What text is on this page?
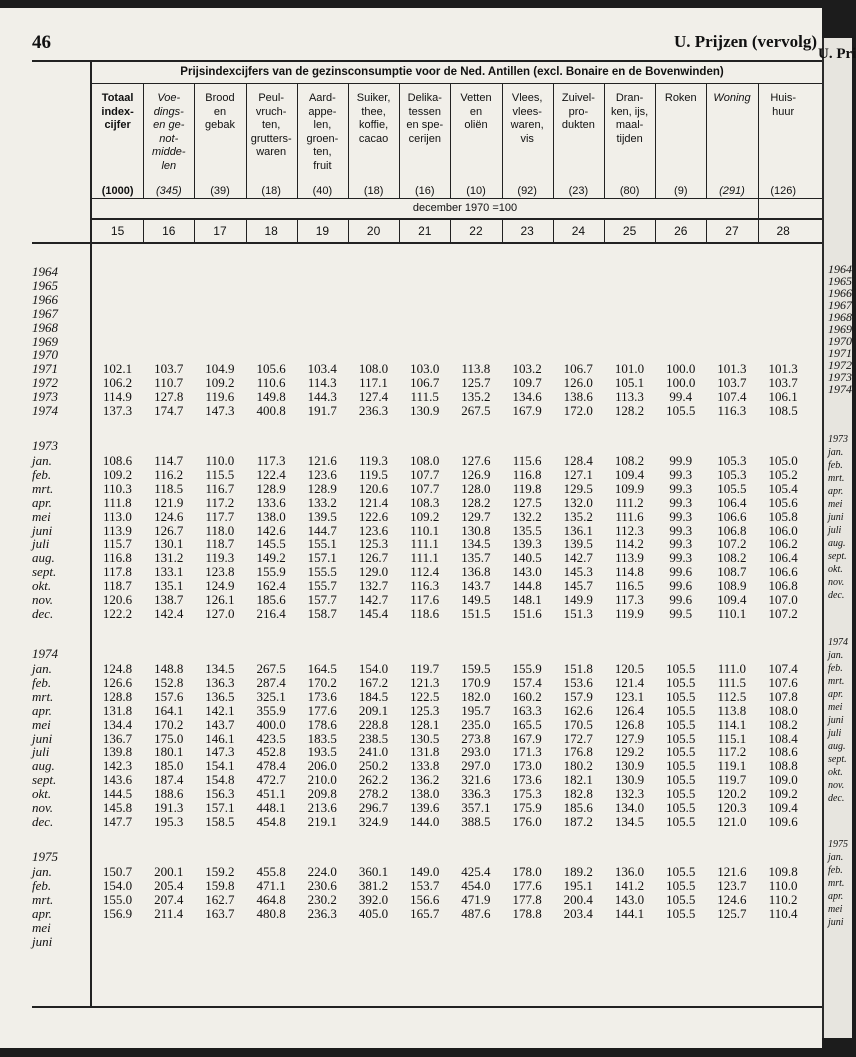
46	U. Prijzen (vervolg)
Prijsindexcijfers van de gezinsconsumptie voor de Ned. Antillen (excl. Bonaire en de Bovenwinden)
Totaal
index-
cijfer
(1000)
15
Voe-
dings-
en ge-
not-
midde-
len
(345)
16
Brood
en
gebak
(39)
17
Peul-
vruch-
ten,
grutters-
waren
(18)
18
Aard-
appe-
len,
groen-
ten,
fruit
(40)
19
Suiker,
thee,
koffie,
cacao
(18)
20
Delika-
tessen
en spe-
cerijen
(16)
21
Vetten
en
oliën
(10)
22
Vlees,
vlees-
waren,
vis
(92)
23
Zuivel-
pro-
dukten
(23)
24
Dran-
ken, ijs,
maal-
tijden
(80)
25
Roken
(9)
26
Woning
(291)
27
Huis-
huur
(126)
28
december 1970 =100
1964
1965
1966
1967
1968
1969
1970
1971	102.1	103.7	104.9	105.6	103.4	108.0	103.0	113.8	103.2	106.7	101.0	100.0	101.3	101.3
1972	106.2	110.7	109.2	110.6	114.3	117.1	106.7	125.7	109.7	126.0	105.1	100.0	103.7	103.7
1973	114.9	127.8	119.6	149.8	144.3	127.4	111.5	135.2	134.6	138.6	113.3	99.4	107.4	106.1
1974	137.3	174.7	147.3	400.8	191.7	236.3	130.9	267.5	167.9	172.0	128.2	105.5	116.3	108.5
1973
jan.	108.6	114.7	110.0	117.3	121.6	119.3	108.0	127.6	115.6	128.4	108.2	99.9	105.3	105.0
feb.	109.2	116.2	115.5	122.4	123.6	119.5	107.7	126.9	116.8	127.1	109.4	99.3	105.3	105.2
mrt.	110.3	118.5	116.7	128.9	128.9	120.6	107.7	128.0	119.8	129.5	109.9	99.3	105.5	105.4
apr.	111.8	121.9	117.2	133.6	133.2	121.4	108.3	128.2	127.5	132.0	111.2	99.3	106.4	105.6
mei	113.0	124.6	117.7	138.0	139.5	122.6	109.2	129.7	132.2	135.2	111.6	99.3	106.6	105.8
juni	113.9	126.7	118.0	142.6	144.7	123.6	110.1	130.8	135.5	136.1	112.3	99.3	106.8	106.0
juli	115.7	130.1	118.7	145.5	155.1	125.3	111.1	134.5	139.3	139.5	114.2	99.3	107.2	106.2
aug.	116.8	131.2	119.3	149.2	157.1	126.7	111.1	135.7	140.5	142.7	113.9	99.3	108.2	106.4
sept.	117.8	133.1	123.8	155.9	155.5	129.0	112.4	136.8	143.0	145.3	114.8	99.6	108.7	106.6
okt.	118.7	135.1	124.9	162.4	155.7	132.7	116.3	143.7	144.8	145.7	116.5	99.6	108.9	106.8
nov.	120.6	138.7	126.1	185.6	157.7	142.7	117.6	149.5	148.1	149.9	117.3	99.6	109.4	107.0
dec.	122.2	142.4	127.0	216.4	158.7	145.4	118.6	151.5	151.6	151.3	119.9	99.5	110.1	107.2
1974
jan.	124.8	148.8	134.5	267.5	164.5	154.0	119.7	159.5	155.9	151.8	120.5	105.5	111.0	107.4
feb.	126.6	152.8	136.3	287.4	170.2	167.2	121.3	170.9	157.4	153.6	121.4	105.5	111.5	107.6
mrt.	128.8	157.6	136.5	325.1	173.6	184.5	122.5	182.0	160.2	157.9	123.1	105.5	112.5	107.8
apr.	131.8	164.1	142.1	355.9	177.6	209.1	125.3	195.7	163.3	162.6	126.4	105.5	113.8	108.0
mei	134.4	170.2	143.7	400.0	178.6	228.8	128.1	235.0	165.5	170.5	126.8	105.5	114.1	108.2
juni	136.7	175.0	146.1	423.5	183.5	238.5	130.5	273.8	167.9	172.7	127.9	105.5	115.1	108.4
juli	139.8	180.1	147.3	452.8	193.5	241.0	131.8	293.0	171.3	176.8	129.2	105.5	117.2	108.6
aug.	142.3	185.0	154.1	478.4	206.0	250.2	133.8	297.0	173.0	180.2	130.9	105.5	119.1	108.8
sept.	143.6	187.4	154.8	472.7	210.0	262.2	136.2	321.6	173.6	182.1	130.9	105.5	119.7	109.0
okt.	144.5	188.6	156.3	451.1	209.8	278.2	138.0	336.3	175.3	182.8	132.3	105.5	120.2	109.2
nov.	145.8	191.3	157.1	448.1	213.6	296.7	139.6	357.1	175.9	185.6	134.0	105.5	120.3	109.4
dec.	147.7	195.3	158.5	454.8	219.1	324.9	144.0	388.5	176.0	187.2	134.5	105.5	121.0	109.6
1975
jan.	150.7	200.1	159.2	455.8	224.0	360.1	149.0	425.4	178.0	189.2	136.0	105.5	121.6	109.8
feb.	154.0	205.4	159.8	471.1	230.6	381.2	153.7	454.0	177.6	195.1	141.2	105.5	123.7	110.0
mrt.	155.0	207.4	162.7	464.8	230.2	392.0	156.6	471.9	177.8	200.4	143.0	105.5	124.6	110.2
apr.	156.9	211.4	163.7	480.8	236.3	405.0	165.7	487.6	178.8	203.4	144.1	105.5	125.7	110.4
mei
juni
U. Pri
1964
1965
1966
1967
1968
1969
1970
1971
1972
1973
1974
1973
jan.
feb.
mrt.
apr.
mei
juni
juli
aug.
sept.
okt.
nov.
dec.
1974
jan.
feb.
mrt.
apr.
mei
juni
juli
aug.
sept.
okt.
nov.
dec.
1975
jan.
feb.
mrt.
apr.
mei
juni
